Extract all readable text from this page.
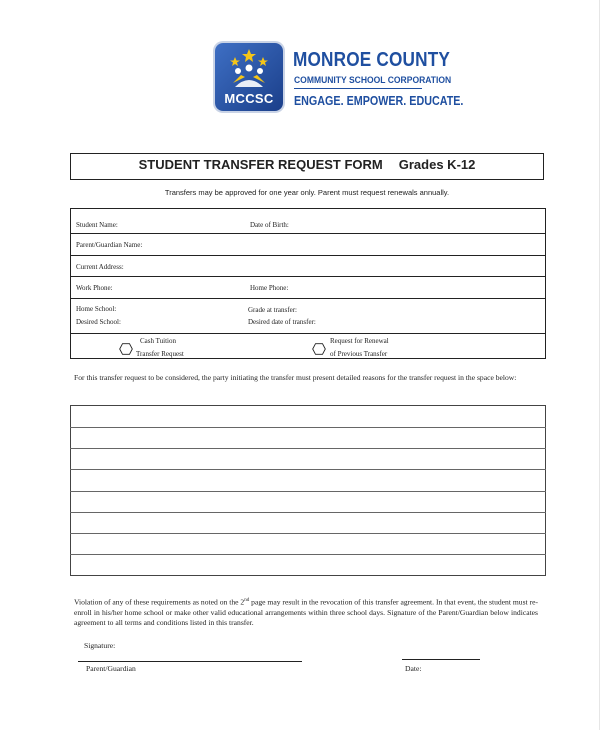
MCCSC
MONROE COUNTY
COMMUNITY SCHOOL CORPORATION
ENGAGE. EMPOWER. EDUCATE.
STUDENT TRANSFER REQUEST FORM Grades K-12
Transfers may be approved for one year only. Parent must request renewals annually.
Student Name:	Date of Birth:
Parent/Guardian Name:
Current Address:
Work Phone:	Home Phone:
Home School:	Grade at transfer:
Desired School:	Desired date of transfer:
Cash Tuition
Transfer Request
Request for Renewal
of Previous Transfer
For this transfer request to be considered, the party initiating the transfer must present detailed reasons for the transfer request in the space below:
Violation of any of these requirements as noted on the 2nd page may result in the revocation of this transfer agreement. In that event, the student must re-enroll in his/her home school or make other valid educational arrangements within three school days. Signature of the Parent/Guardian below indicates agreement to all terms and conditions listed in this transfer.
Signature:
Parent/Guardian	Date:
